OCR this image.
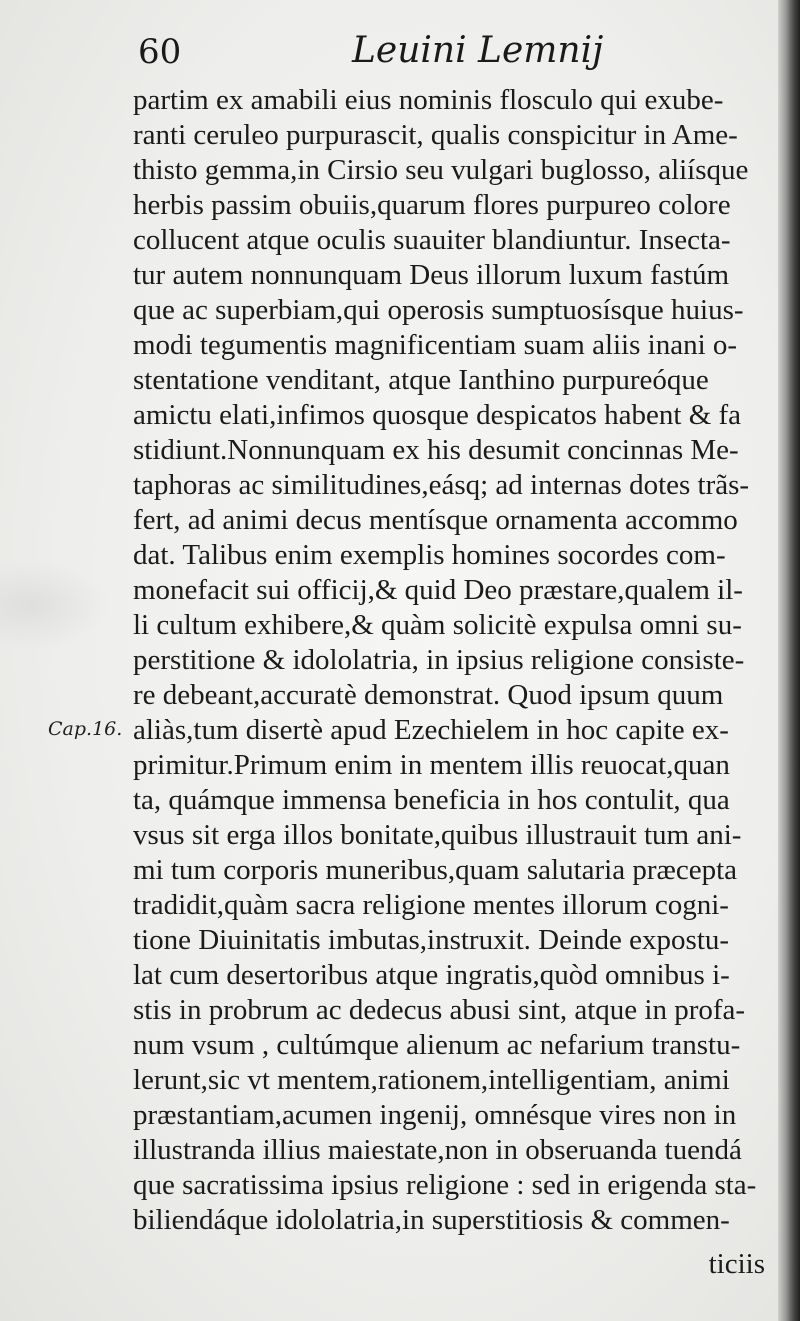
60	Leuini Lemnij
Cap.16.
partim ex amabili eius nominis flosculo qui exube-
ranti ceruleo purpurascit, qualis conspicitur in Ame-
thisto gemma,in Cirsio seu vulgari buglosso, aliísque
herbis passim obuiis,quarum flores purpureo colore
collucent atque oculis suauiter blandiuntur. Insecta-
tur autem nonnunquam Deus illorum luxum fastúm
que ac superbiam,qui operosis sumptuosísque huius-
modi tegumentis magnificentiam suam aliis inani o-
stentatione venditant, atque Ianthino purpureóque
amictu elati,infimos quosque despicatos habent & fa
stidiunt.Nonnunquam ex his desumit concinnas Me-
taphoras ac similitudines,eásq; ad internas dotes trãs-
fert, ad animi decus mentísque ornamenta accommo
dat. Talibus enim exemplis homines socordes com-
monefacit sui officij,& quid Deo præstare,qualem il-
li cultum exhibere,& quàm solicitè expulsa omni su-
perstitione & idololatria, in ipsius religione consiste-
re debeant,accuratè demonstrat. Quod ipsum quum
aliàs,tum disertè apud Ezechielem in hoc capite ex-
primitur.Primum enim in mentem illis reuocat,quan
ta, quámque immensa beneficia in hos contulit, qua
vsus sit erga illos bonitate,quibus illustrauit tum ani-
mi tum corporis muneribus,quam salutaria præcepta
tradidit,quàm sacra religione mentes illorum cogni-
tione Diuinitatis imbutas,instruxit. Deinde expostu-
lat cum desertoribus atque ingratis,quòd omnibus i-
stis in probrum ac dedecus abusi sint, atque in profa-
num vsum , cultúmque alienum ac nefarium transtu-
lerunt,sic vt mentem,rationem,intelligentiam, animi
præstantiam,acumen ingenij, omnésque vires non in
illustranda illius maiestate,non in obseruanda tuendá
que sacratissima ipsius religione : sed in erigenda sta-
biliendáque idololatria,in superstitiosis & commen-
ticiis
